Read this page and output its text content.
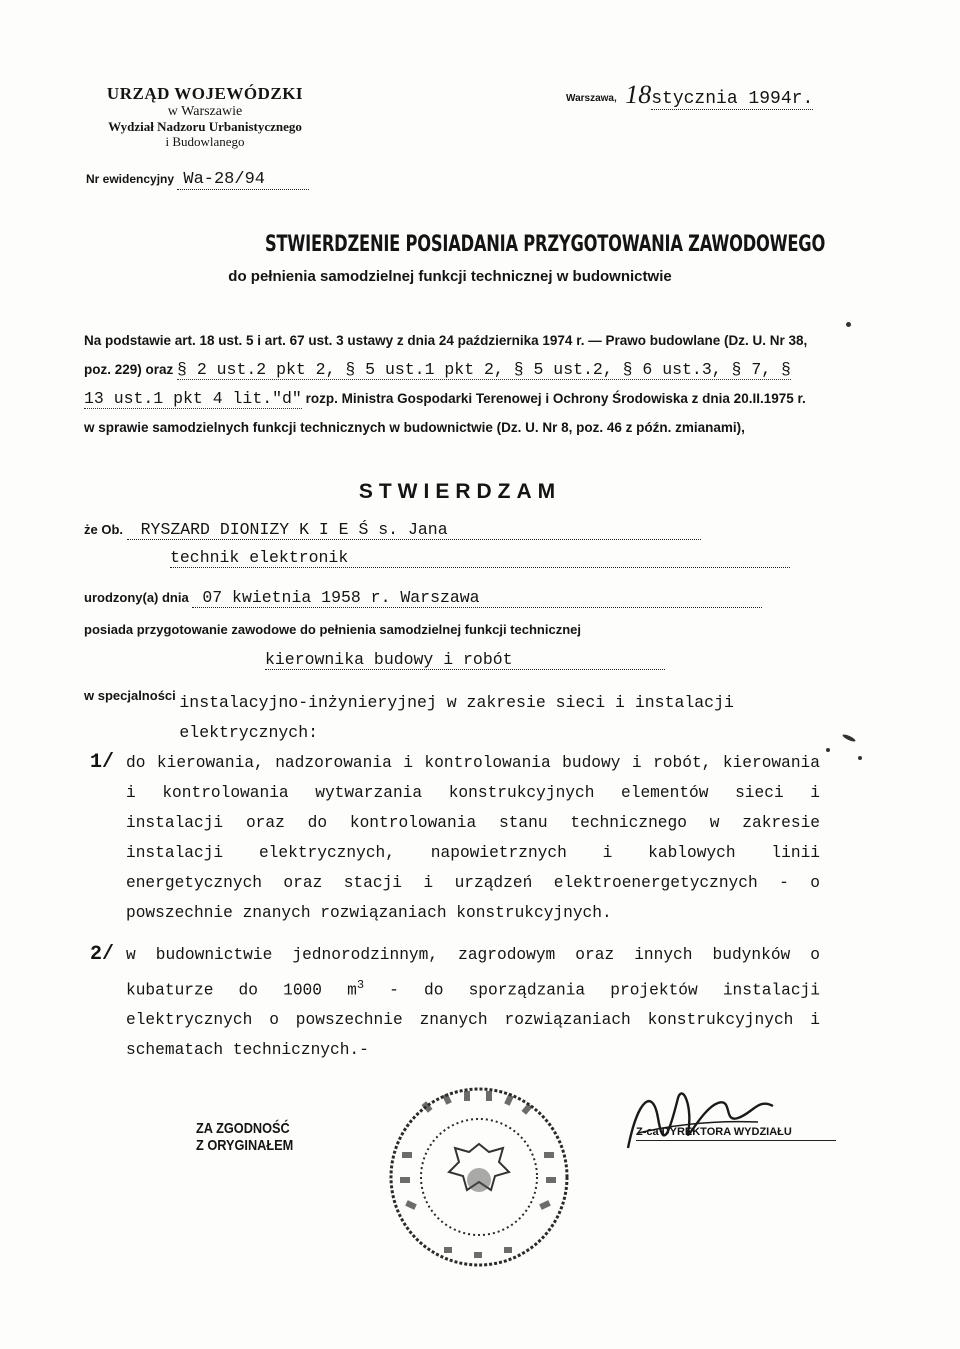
URZĄD WOJEWÓDZKI
w Warszawie
Wydział Nadzoru Urbanistycznego
i Budowlanego
Nr ewidencyjny Wa-28/94
Warszawa, 18stycznia 1994r.
STWIERDZENIE POSIADANIA PRZYGOTOWANIA ZAWODOWEGO
do pełnienia samodzielnej funkcji technicznej w budownictwie
Na podstawie art. 18 ust. 5 i art. 67 ust. 3 ustawy z dnia 24 października 1974 r. — Prawo budowlane (Dz. U. Nr 38, poz. 229) oraz § 2 ust.2 pkt 2, § 5 ust.1 pkt 2, § 5 ust.2, § 6 ust.3, § 7, § 13 ust.1 pkt 4 lit."d" rozp. Ministra Gospodarki Terenowej i Ochrony Środowiska z dnia 20.II.1975 r. w sprawie samodzielnych funkcji technicznych w budownictwie (Dz. U. Nr 8, poz. 46 z późn. zmianami),
STWIERDZAM
że Ob. RYSZARD DIONIZY K I E Ś s. Jana
technik elektronik
urodzony(a) dnia 07 kwietnia 1958 r. Warszawa
posiada przygotowanie zawodowe do pełnienia samodzielnej funkcji technicznej
kierownika budowy i robót
w specjalności instalacyjno-inżynieryjnej w zakresie sieci i instalacji elektrycznych:
1/ do kierowania, nadzorowania i kontrolowania budowy i robót, kierowania i kontrolowania wytwarzania konstrukcyjnych elementów sieci i instalacji oraz do kontrolowania stanu technicznego w zakresie instalacji elektrycznych, napowietrznych i kablowych linii energetycznych oraz stacji i urządzeń elektroenergetycznych - o powszechnie znanych rozwiązaniach konstrukcyjnych.
2/ w budownictwie jednorodzinnym, zagrodowym oraz innych budynków o kubaturze do 1000 $m^3$ - do sporządzania projektów instalacji elektrycznych o powszechnie znanych rozwiązaniach konstrukcyjnych i schematach technicznych.-
ZA ZGODNOŚĆ
Z ORYGINAŁEM
Z-ca DYREKTORA WYDZIAŁU
